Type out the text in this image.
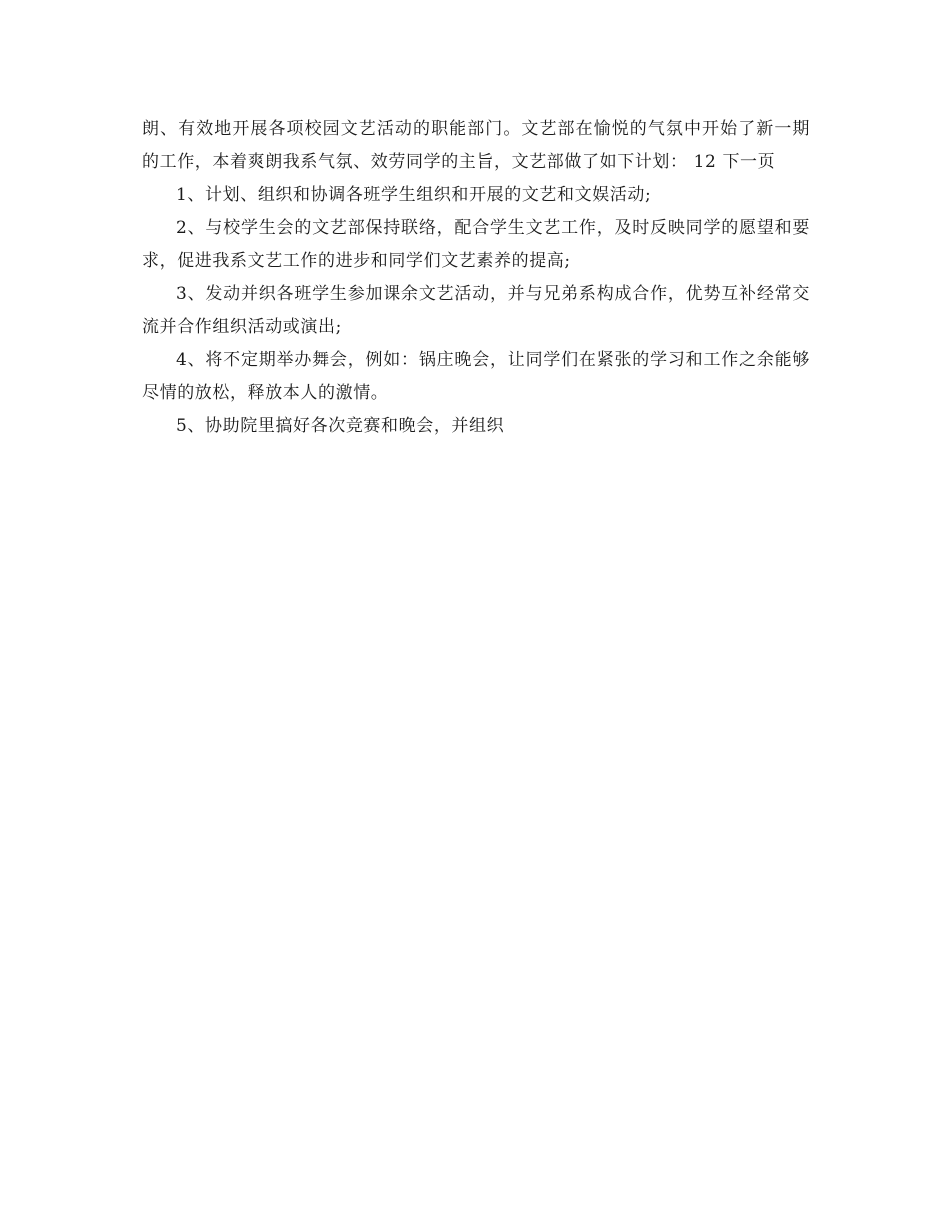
朗、有效地开展各项校园文艺活动的职能部门。文艺部在愉悦的气氛中开始了新一期的工作，本着爽朗我系气氛、效劳同学的主旨，文艺部做了如下计划： 12 下一页

1、计划、组织和协调各班学生组织和开展的文艺和文娱活动;

2、与校学生会的文艺部保持联络，配合学生文艺工作，及时反映同学的愿望和要求，促进我系文艺工作的进步和同学们文艺素养的提高;

3、发动并织各班学生参加课余文艺活动，并与兄弟系构成合作，优势互补经常交流并合作组织活动或演出;

4、将不定期举办舞会，例如：锅庄晚会，让同学们在紧张的学习和工作之余能够尽情的放松，释放本人的激情。

5、协助院里搞好各次竞赛和晚会，并组织
